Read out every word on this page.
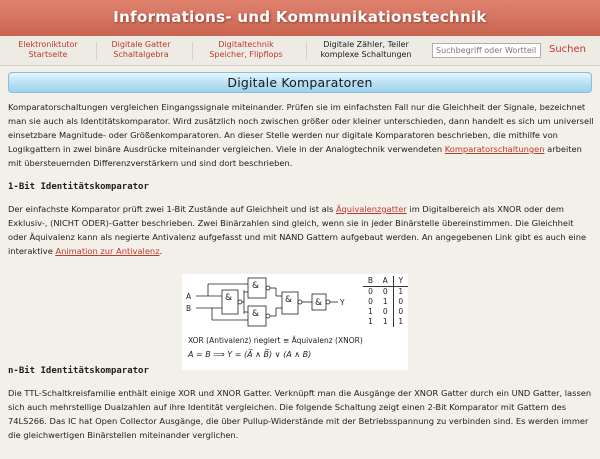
Informations- und Kommunikationstechnik
Elektroniktutor
Startseite
Digitale Gatter
Schaltalgebra
Digitaltechnik
Speicher, Flipflops
Digitale Zähler, Teiler
komplexe Schaltungen
Suchbegriff oder Wortteil	Suchen
Digitale Komparatoren

Komparatorschaltungen vergleichen Eingangssignale miteinander. Prüfen sie im einfachsten Fall nur die Gleichheit der Signale, bezeichnet man sie auch als Identitätskomparator. Wird zusätzlich noch zwischen größer oder kleiner unterschieden, dann handelt es sich um universell einsetzbare Magnitude- oder Größenkomparatoren. An dieser Stelle werden nur digitale Komparatoren beschrieben, die mithilfe von Logikgattern in zwei binäre Ausdrücke miteinander vergleichen. Viele in der Analogtechnik verwendeten Komparatorschaltungen arbeiten mit übersteuernden Differenzverstärkern und sind dort beschrieben.

1-Bit Identitätskomparator

Der einfachste Komparator prüft zwei 1-Bit Zustände auf Gleichheit und ist als Äquivalenzgatter im Digitalbereich als XNOR oder dem Exklusiv-, (NICHT ODER)-Gatter beschrieben. Zwei Binärzahlen sind gleich, wenn sie in jeder Binärstelle übereinstimmen. Die Gleichheit oder Äquivalenz kann als negierte Antivalenz aufgefasst und mit NAND Gattern aufgebaut werden. An angegebenen Link gibt es auch eine interaktive Animation zur Antivalenz.

n-Bit Identitätskomparator

Die TTL-Schaltkreisfamilie enthält einige XOR und XNOR Gatter. Verknüpft man die Ausgänge der XNOR Gatter durch ein UND Gatter, lassen sich auch mehrstellige Dualzahlen auf ihre Identität vergleichen. Die folgende Schaltung zeigt einen 2-Bit Komparator mit Gattern des 74LS266. Das IC hat Open Collector Ausgänge, die über Pullup-Widerstände mit der Betriebsspannung zu verbinden sind. Es werden immer die gleichwertigen Binärstellen miteinander verglichen.

&
&
&
&	&
A
B
Y
B	A	Y
0	0	1
0	1	0
1	0	0
1	1	1
XOR (Antivalenz) negiert ≡ Äquivalenz (XNOR)
A = B ⟹ Y = (A̅ ∧ B̅) ∨ (A ∧ B)
